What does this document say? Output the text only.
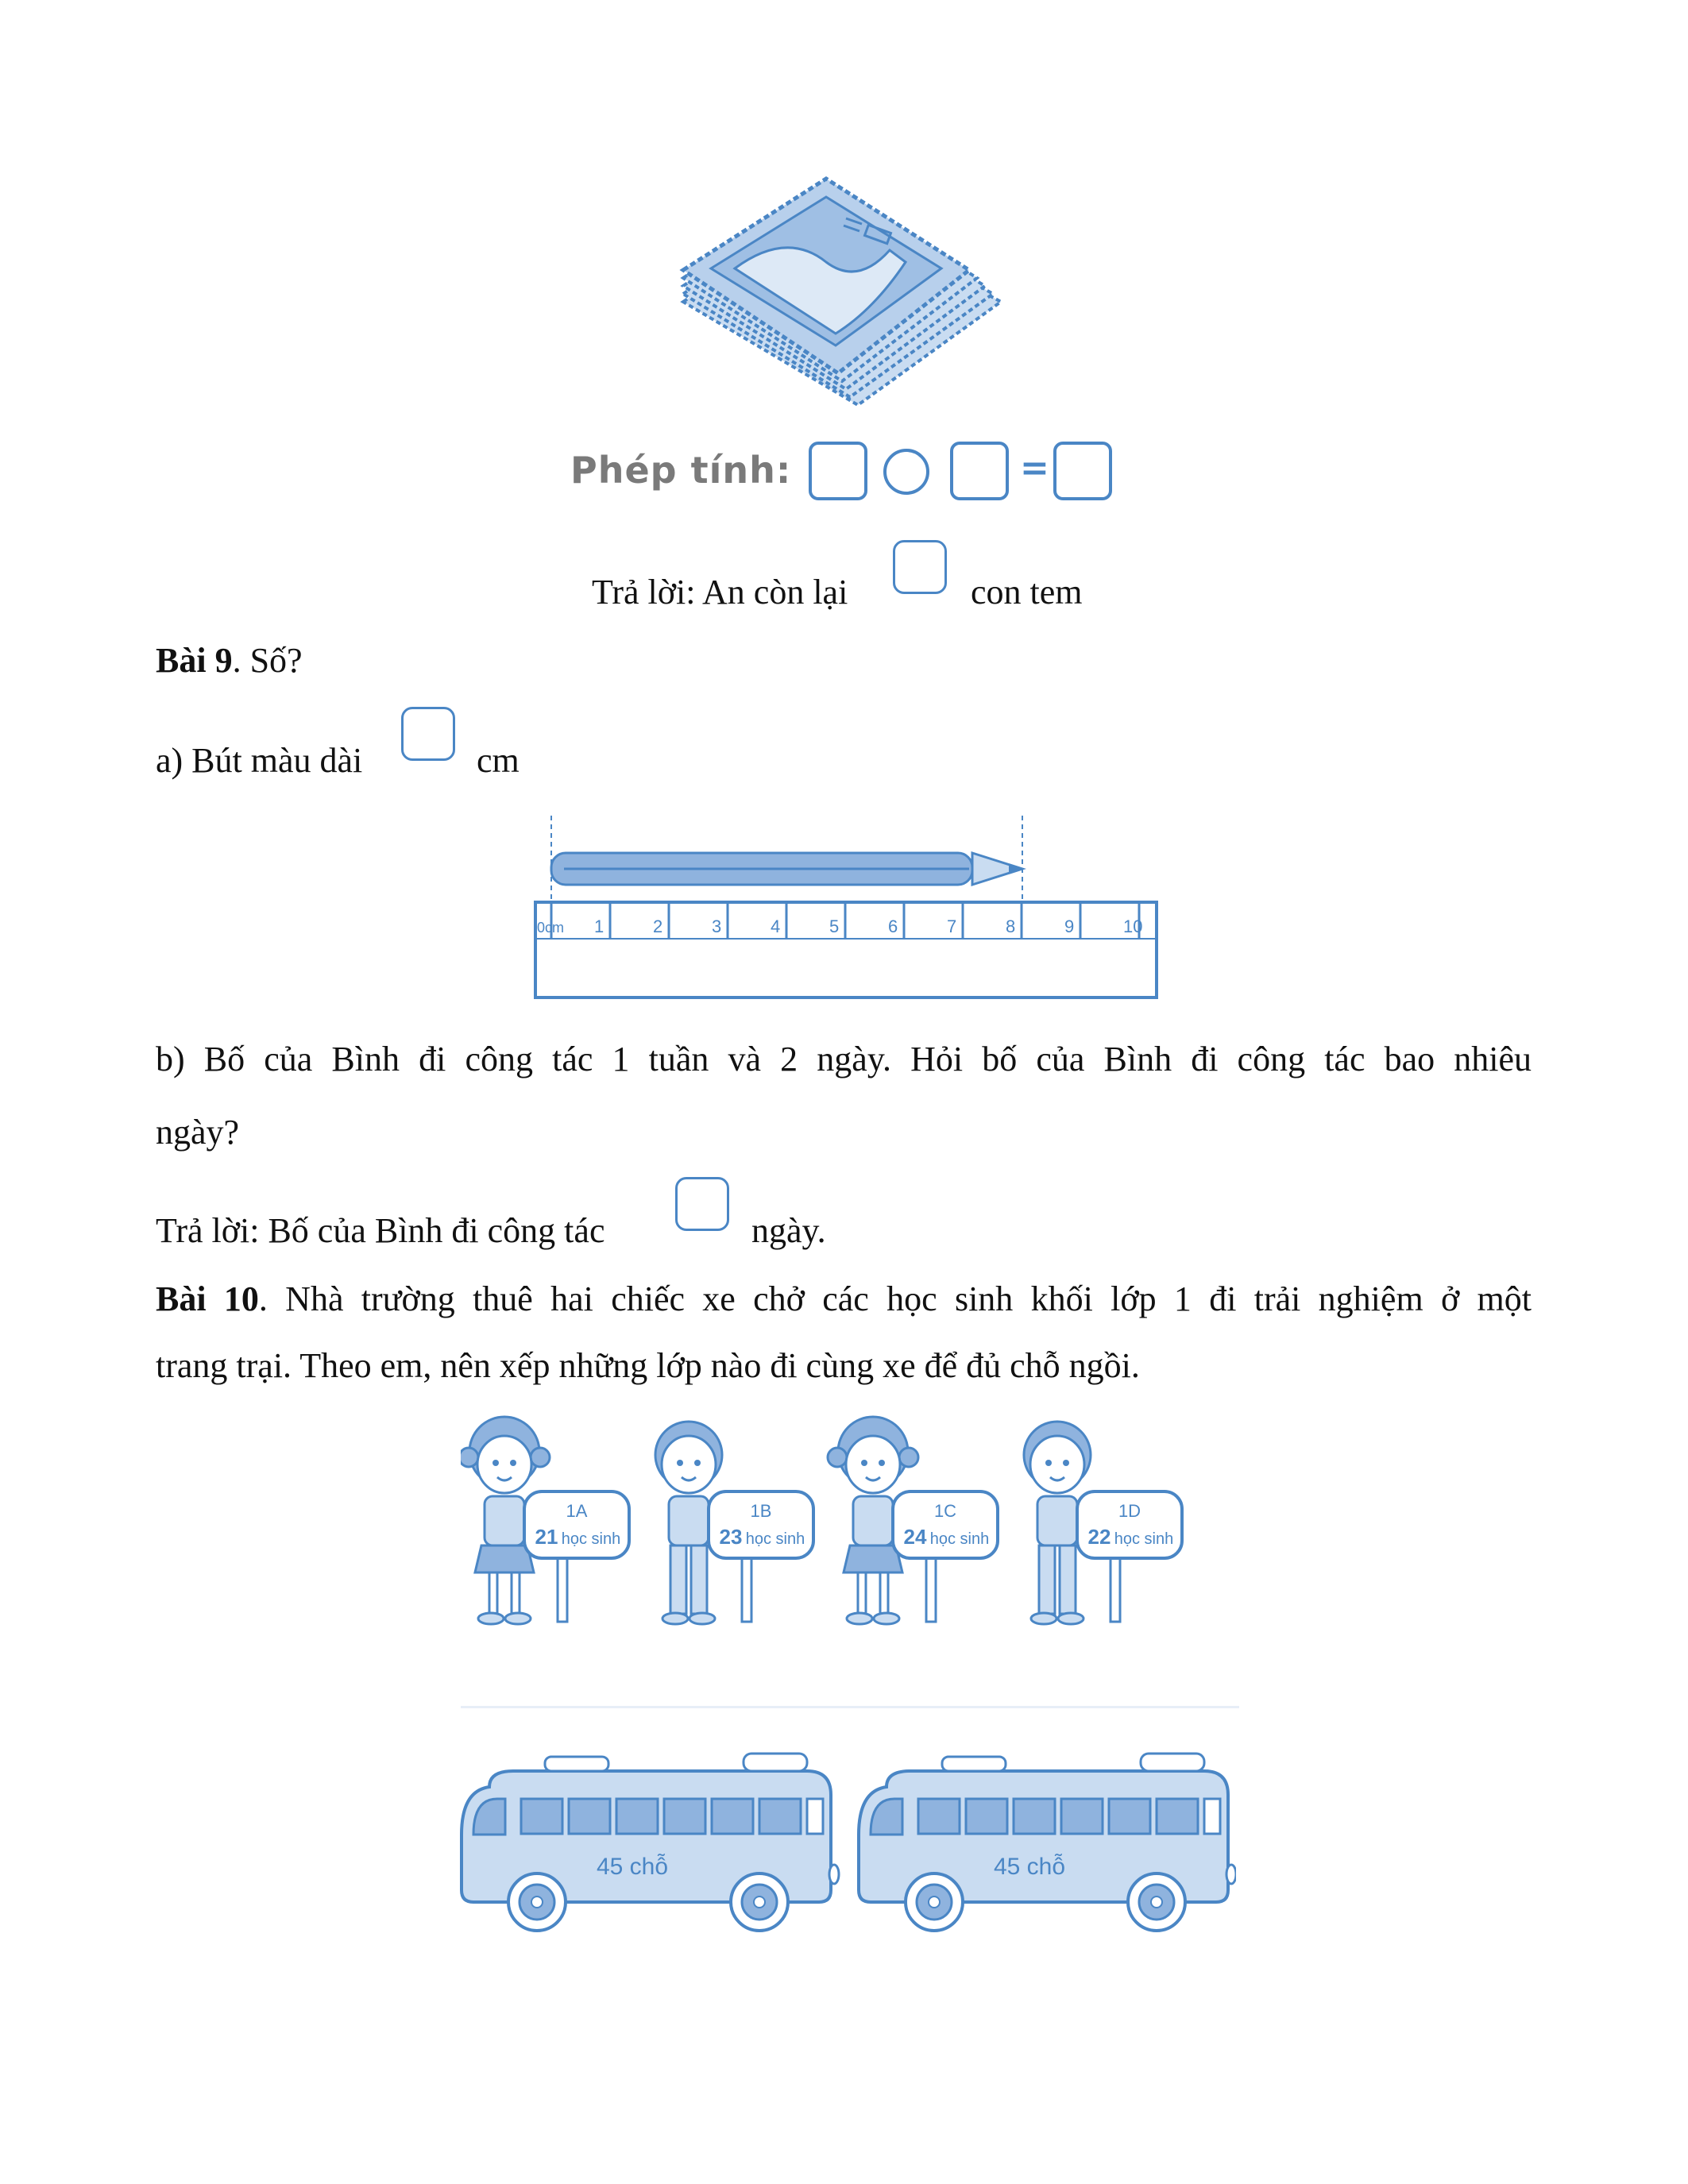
Phép tính:	=
Trả lời: An còn lại	con tem
Bài 9. Số?
a) Bút màu dài	cm
0cm 1	2	3	4	5	6	7	8	9	10
b) Bố của Bình đi công tác 1 tuần và 2 ngày. Hỏi bố của Bình đi công tác bao nhiêu
ngày?
Trả lời: Bố của Bình đi công tác	ngày.
Bài 10. Nhà trường thuê hai chiếc xe chở các học sinh khối lớp 1 đi trải nghiệm ở một
trang trại. Theo em, nên xếp những lớp nào đi cùng xe để đủ chỗ ngồi.
1A
21 học sinh
1B
23 học sinh
1C
24 học sinh
1D
22 học sinh
45 chỗ	45 chỗ
